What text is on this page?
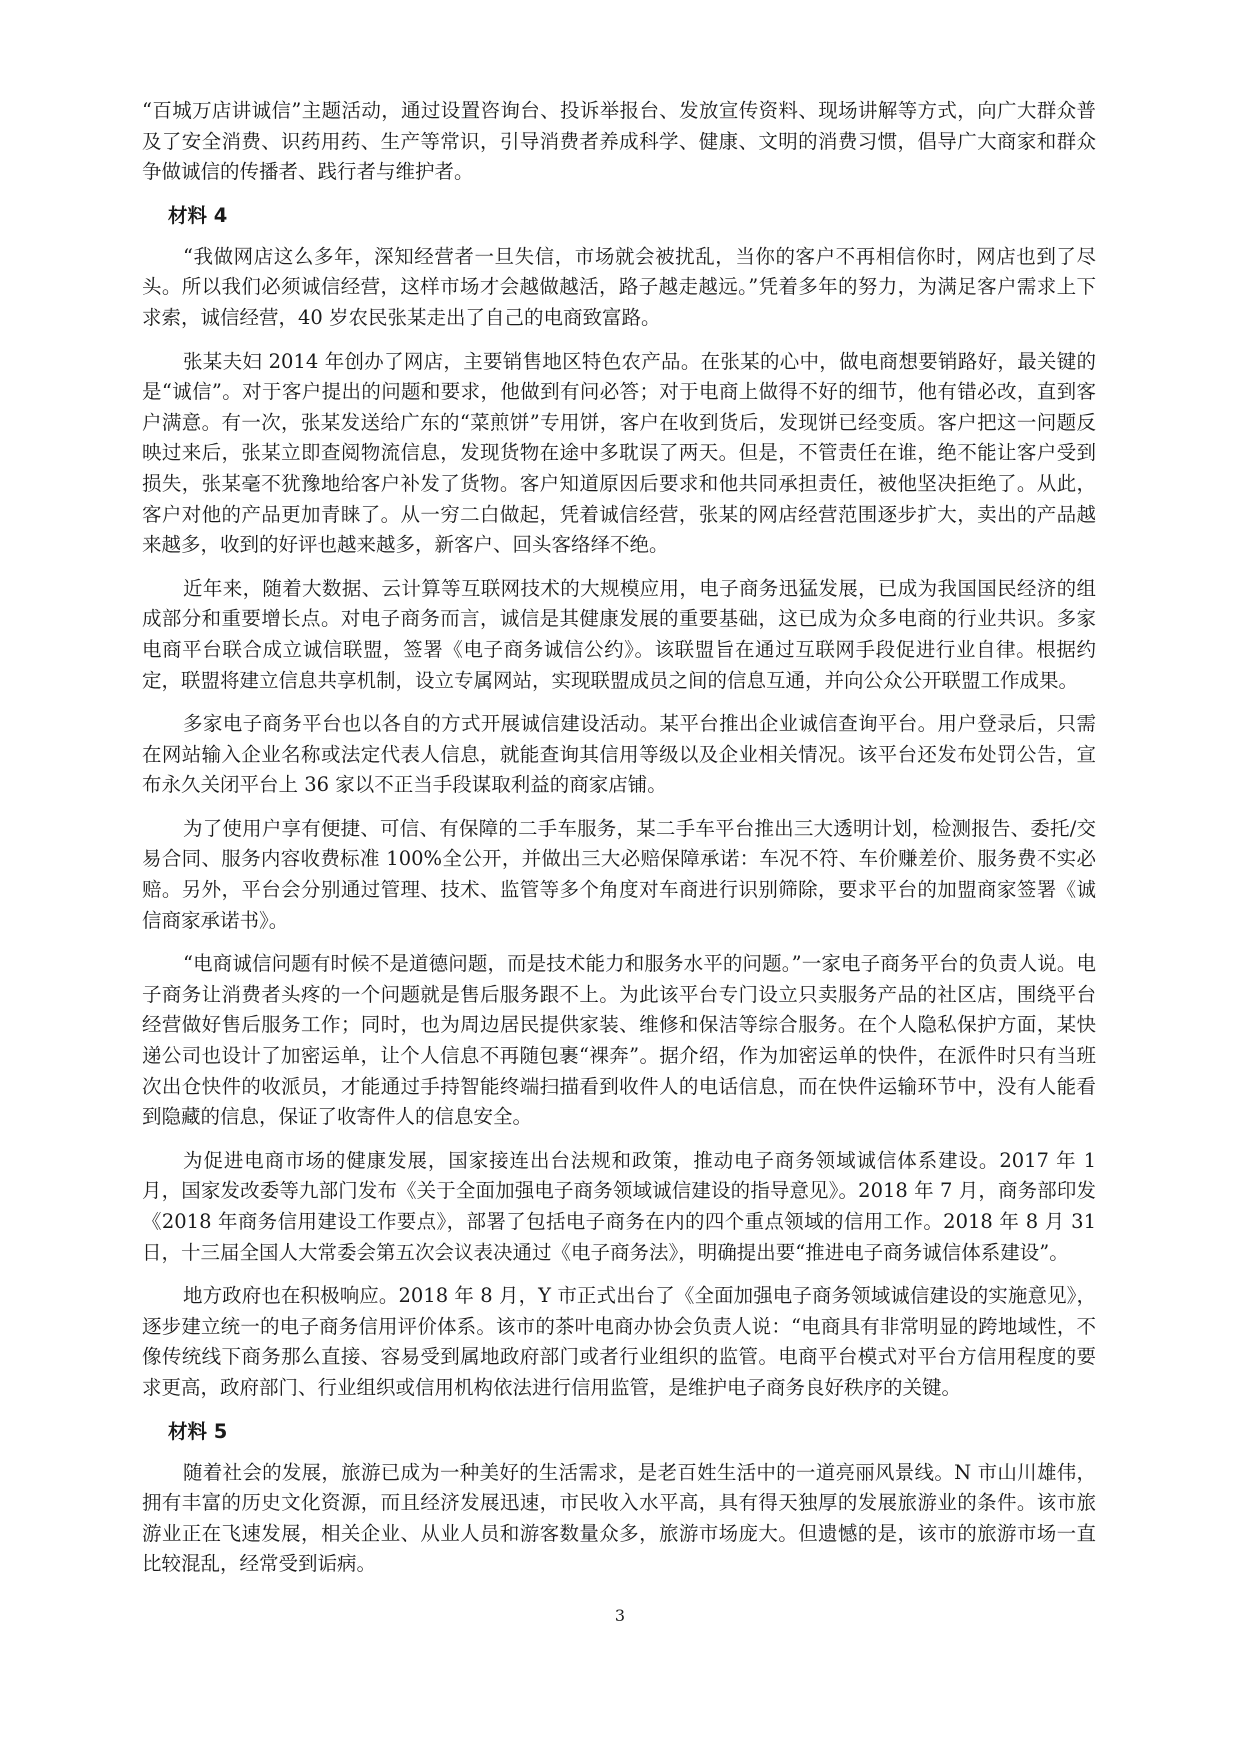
“百城万店讲诚信”主题活动，通过设置咨询台、投诉举报台、发放宣传资料、现场讲解等方式，向广大群众普及了安全消费、识药用药、生产等常识，引导消费者养成科学、健康、文明的消费习惯，倡导广大商家和群众争做诚信的传播者、践行者与维护者。

材料 4

“我做网店这么多年，深知经营者一旦失信，市场就会被扰乱，当你的客户不再相信你时，网店也到了尽头。所以我们必须诚信经营，这样市场才会越做越活，路子越走越远。”凭着多年的努力，为满足客户需求上下求索，诚信经营，40 岁农民张某走出了自己的电商致富路。

张某夫妇 2014 年创办了网店，主要销售地区特色农产品。在张某的心中，做电商想要销路好，最关键的是“诚信”。对于客户提出的问题和要求，他做到有问必答；对于电商上做得不好的细节，他有错必改，直到客户满意。有一次，张某发送给广东的“菜煎饼”专用饼，客户在收到货后，发现饼已经变质。客户把这一问题反映过来后，张某立即查阅物流信息，发现货物在途中多耽误了两天。但是，不管责任在谁，绝不能让客户受到损失，张某毫不犹豫地给客户补发了货物。客户知道原因后要求和他共同承担责任，被他坚决拒绝了。从此，客户对他的产品更加青睐了。从一穷二白做起，凭着诚信经营，张某的网店经营范围逐步扩大，卖出的产品越来越多，收到的好评也越来越多，新客户、回头客络绎不绝。

近年来，随着大数据、云计算等互联网技术的大规模应用，电子商务迅猛发展，已成为我国国民经济的组成部分和重要增长点。对电子商务而言，诚信是其健康发展的重要基础，这已成为众多电商的行业共识。多家电商平台联合成立诚信联盟，签署《电子商务诚信公约》。该联盟旨在通过互联网手段促进行业自律。根据约定，联盟将建立信息共享机制，设立专属网站，实现联盟成员之间的信息互通，并向公众公开联盟工作成果。

多家电子商务平台也以各自的方式开展诚信建设活动。某平台推出企业诚信查询平台。用户登录后，只需在网站输入企业名称或法定代表人信息，就能查询其信用等级以及企业相关情况。该平台还发布处罚公告，宣布永久关闭平台上 36 家以不正当手段谋取利益的商家店铺。

为了使用户享有便捷、可信、有保障的二手车服务，某二手车平台推出三大透明计划，检测报告、委托/交易合同、服务内容收费标准 100%全公开，并做出三大必赔保障承诺：车况不符、车价赚差价、服务费不实必赔。另外，平台会分别通过管理、技术、监管等多个角度对车商进行识别筛除，要求平台的加盟商家签署《诚信商家承诺书》。

“电商诚信问题有时候不是道德问题，而是技术能力和服务水平的问题。”一家电子商务平台的负责人说。电子商务让消费者头疼的一个问题就是售后服务跟不上。为此该平台专门设立只卖服务产品的社区店，围绕平台经营做好售后服务工作；同时，也为周边居民提供家装、维修和保洁等综合服务。在个人隐私保护方面，某快递公司也设计了加密运单，让个人信息不再随包裹“裸奔”。据介绍，作为加密运单的快件，在派件时只有当班次出仓快件的收派员，才能通过手持智能终端扫描看到收件人的电话信息，而在快件运输环节中，没有人能看到隐藏的信息，保证了收寄件人的信息安全。

为促进电商市场的健康发展，国家接连出台法规和政策，推动电子商务领域诚信体系建设。2017 年 1 月，国家发改委等九部门发布《关于全面加强电子商务领域诚信建设的指导意见》。2018 年 7 月，商务部印发《2018 年商务信用建设工作要点》，部署了包括电子商务在内的四个重点领域的信用工作。2018 年 8 月 31 日，十三届全国人大常委会第五次会议表决通过《电子商务法》，明确提出要“推进电子商务诚信体系建设”。

地方政府也在积极响应。2018 年 8 月，Y 市正式出台了《全面加强电子商务领域诚信建设的实施意见》，逐步建立统一的电子商务信用评价体系。该市的茶叶电商办协会负责人说：“电商具有非常明显的跨地域性，不像传统线下商务那么直接、容易受到属地政府部门或者行业组织的监管。电商平台模式对平台方信用程度的要求更高，政府部门、行业组织或信用机构依法进行信用监管，是维护电子商务良好秩序的关键。

材料 5

随着社会的发展，旅游已成为一种美好的生活需求，是老百姓生活中的一道亮丽风景线。N 市山川雄伟，拥有丰富的历史文化资源，而且经济发展迅速，市民收入水平高，具有得天独厚的发展旅游业的条件。该市旅游业正在飞速发展，相关企业、从业人员和游客数量众多，旅游市场庞大。但遗憾的是，该市的旅游市场一直比较混乱，经常受到诟病。

3
